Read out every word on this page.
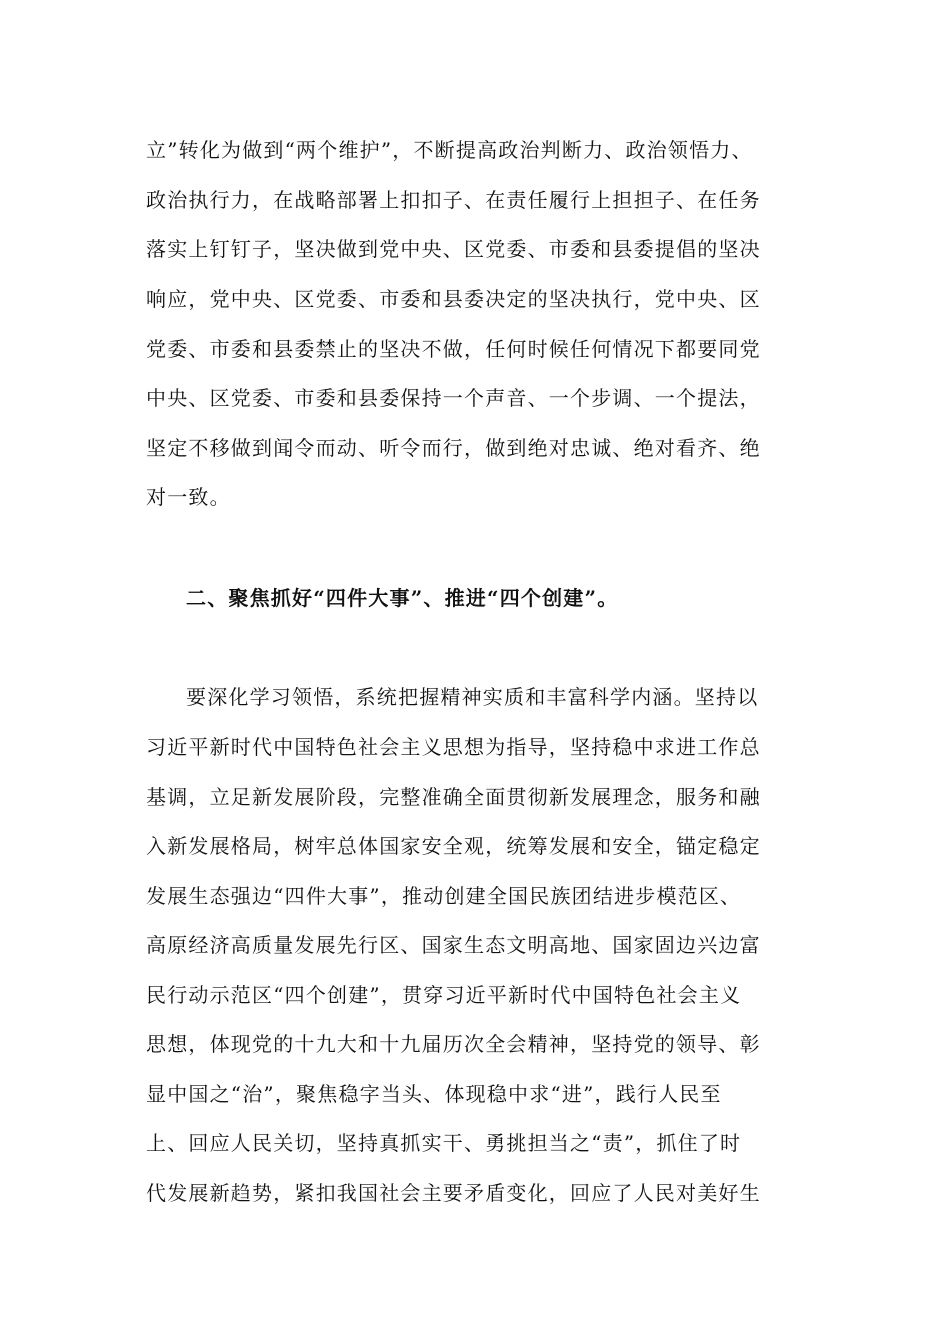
立”转化为做到“两个维护”，不断提高政治判断力、政治领悟力、
政治执行力，在战略部署上扣扣子、在责任履行上担担子、在任务
落实上钉钉子，坚决做到党中央、区党委、市委和县委提倡的坚决
响应，党中央、区党委、市委和县委决定的坚决执行，党中央、区
党委、市委和县委禁止的坚决不做，任何时候任何情况下都要同党
中央、区党委、市委和县委保持一个声音、一个步调、一个提法，
坚定不移做到闻令而动、听令而行，做到绝对忠诚、绝对看齐、绝
对一致。
二、聚焦抓好“四件大事”、推进“四个创建”。
要深化学习领悟，系统把握精神实质和丰富科学内涵。坚持以
习近平新时代中国特色社会主义思想为指导，坚持稳中求进工作总
基调，立足新发展阶段，完整准确全面贯彻新发展理念，服务和融
入新发展格局，树牢总体国家安全观，统筹发展和安全，锚定稳定
发展生态强边“四件大事”，推动创建全国民族团结进步模范区、
高原经济高质量发展先行区、国家生态文明高地、国家固边兴边富
民行动示范区“四个创建”，贯穿习近平新时代中国特色社会主义
思想，体现党的十九大和十九届历次全会精神，坚持党的领导、彰
显中国之“治”，聚焦稳字当头、体现稳中求“进”，践行人民至
上、回应人民关切，坚持真抓实干、勇挑担当之“责”，抓住了时
代发展新趋势，紧扣我国社会主要矛盾变化，回应了人民对美好生
